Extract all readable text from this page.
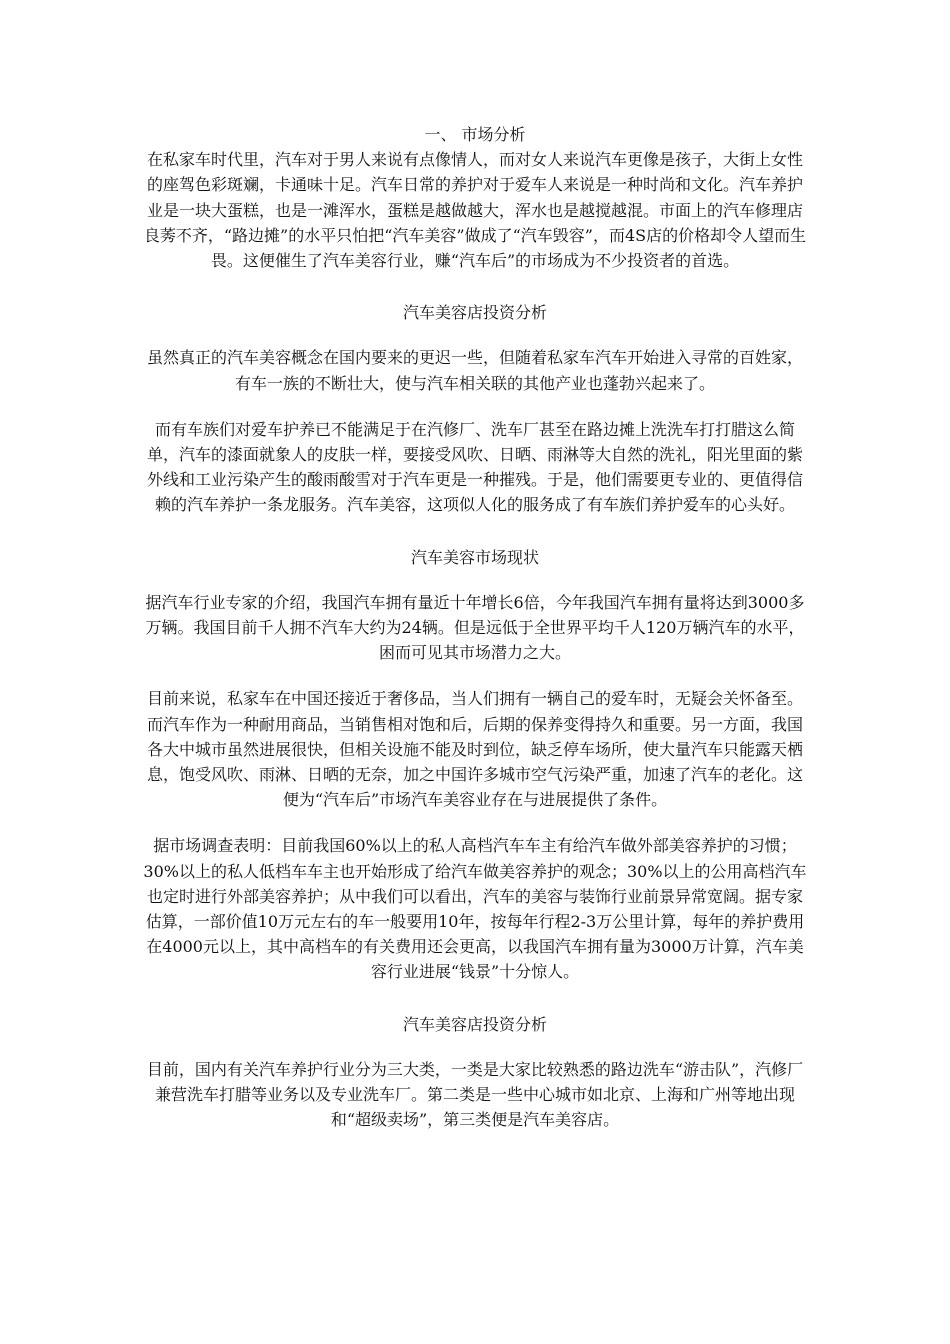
一、 市场分析

在私家车时代里，汽车对于男人来说有点像情人，而对女人来说汽车更像是孩子，大街上女性的座驾色彩斑斓，卡通味十足。汽车日常的养护对于爱车人来说是一种时尚和文化。汽车养护业是一块大蛋糕，也是一滩浑水，蛋糕是越做越大，浑水也是越搅越混。市面上的汽车修理店良莠不齐，“路边摊”的水平只怕把“汽车美容”做成了“汽车毁容”，而4S店的价格却令人望而生畏。这便催生了汽车美容行业，赚“汽车后”的市场成为不少投资者的首选。

汽车美容店投资分析

虽然真正的汽车美容概念在国内要来的更迟一些，但随着私家车汽车开始进入寻常的百姓家，有车一族的不断壮大，使与汽车相关联的其他产业也蓬勃兴起来了。

而有车族们对爱车护养已不能满足于在汽修厂、洗车厂甚至在路边摊上洗洗车打打腊这么简单，汽车的漆面就象人的皮肤一样，要接受风吹、日晒、雨淋等大自然的洗礼，阳光里面的紫外线和工业污染产生的酸雨酸雪对于汽车更是一种摧残。于是，他们需要更专业的、更值得信赖的汽车养护一条龙服务。汽车美容，这项似人化的服务成了有车族们养护爱车的心头好。

汽车美容市场现状

据汽车行业专家的介绍，我国汽车拥有量近十年增长6倍，今年我国汽车拥有量将达到3000多万辆。我国目前千人拥不汽车大约为24辆。但是远低于全世界平均千人120万辆汽车的水平，困而可见其市场潜力之大。

目前来说，私家车在中国还接近于奢侈品，当人们拥有一辆自己的爱车时，无疑会关怀备至。而汽车作为一种耐用商品，当销售相对饱和后，后期的保养变得持久和重要。另一方面，我国各大中城市虽然进展很快，但相关设施不能及时到位，缺乏停车场所，使大量汽车只能露天栖息，饱受风吹、雨淋、日晒的无奈，加之中国许多城市空气污染严重，加速了汽车的老化。这便为“汽车后”市场汽车美容业存在与进展提供了条件。

据市场调查表明：目前我国60%以上的私人高档汽车车主有给汽车做外部美容养护的习惯；30%以上的私人低档车车主也开始形成了给汽车做美容养护的观念；30%以上的公用高档汽车也定时进行外部美容养护；从中我们可以看出，汽车的美容与装饰行业前景异常宽阔。据专家估算，一部价值10万元左右的车一般要用10年，按每年行程2-3万公里计算，每年的养护费用在4000元以上，其中高档车的有关费用还会更高，以我国汽车拥有量为3000万计算，汽车美容行业进展“钱景”十分惊人。

汽车美容店投资分析

目前，国内有关汽车养护行业分为三大类，一类是大家比较熟悉的路边洗车“游击队”，汽修厂兼营洗车打腊等业务以及专业洗车厂。第二类是一些中心城市如北京、上海和广州等地出现和“超级卖场”，第三类便是汽车美容店。
